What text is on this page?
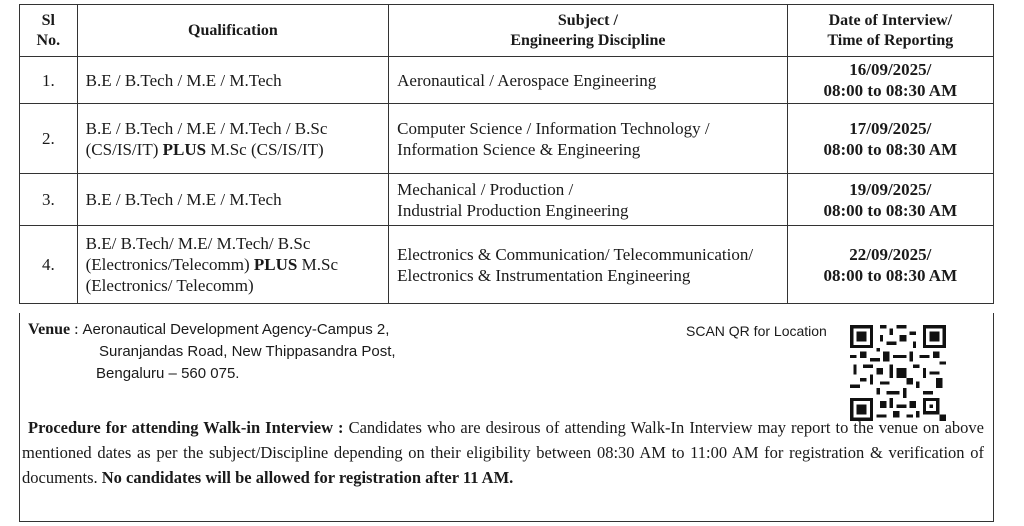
Sl No.	Qualification	Subject /
Engineering Discipline	Date of Interview/
Time of Reporting

1.	B.E / B.Tech / M.E / M.Tech	Aeronautical / Aerospace Engineering	16/09/2025/
08:00 to 08:30 AM

2.	B.E / B.Tech / M.E / M.Tech / B.Sc (CS/IS/IT) PLUS M.Sc (CS/IS/IT)	Computer Science / Information Technology / Information Science & Engineering	17/09/2025/
08:00 to 08:30 AM

3.	B.E / B.Tech / M.E / M.Tech	Mechanical / Production /
Industrial Production Engineering	19/09/2025/
08:00 to 08:30 AM

4.	B.E/ B.Tech/ M.E/ M.Tech/ B.Sc (Electronics/Telecomm) PLUS M.Sc (Electronics/ Telecomm)	Electronics & Communication/ Telecommunication/ Electronics & Instrumentation Engineering	22/09/2025/
08:00 to 08:30 AM
Venue : Aeronautical Development Agency-Campus 2,
Suranjandas Road, New Thippasandra Post,
Bengaluru – 560 075.
SCAN QR for Location
Procedure for attending Walk-in Interview : Candidates who are desirous of attending Walk-In Interview may report to the venue on above mentioned dates as per the subject/Discipline depending on their eligibility between 08:30 AM to 11:00 AM for registration & verification of documents. No candidates will be allowed for registration after 11 AM.
